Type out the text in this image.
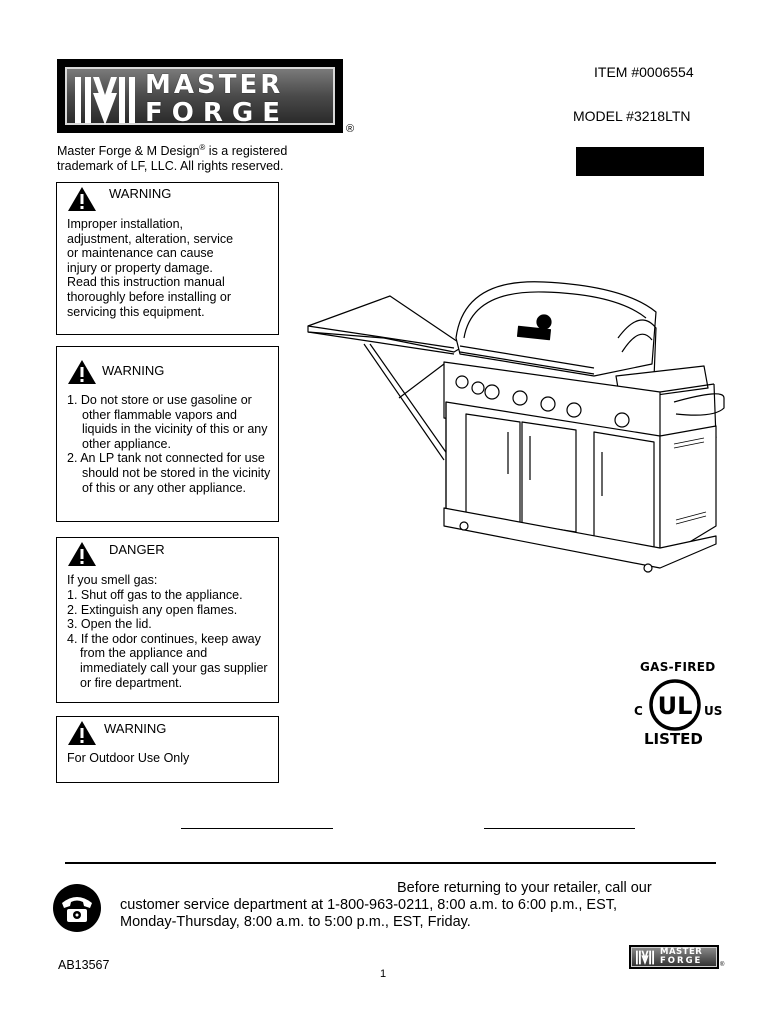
MASTER
FORGE
®
Master Forge & M Design® is a registered
trademark of LF, LLC. All rights reserved.
ITEM #0006554
MODEL #3218LTN
WARNING
Improper installation,
adjustment, alteration, service
or maintenance can cause
injury or property damage.
Read this instruction manual
thoroughly before installing or
servicing this equipment.
WARNING
1. Do not store or use gasoline or other flammable vapors and liquids in the vicinity of this or any other appliance.
2. An LP tank not connected for use should not be stored in the vicinity of this or any other appliance.
DANGER
If you smell gas:
1. Shut off gas to the appliance.
2. Extinguish any open flames.
3. Open the lid.
4. If the odor continues, keep away from the appliance and immediately call your gas supplier or fire department.
WARNING
For Outdoor Use Only
GAS-FIRED
C UL US
LISTED
Before returning to your retailer, call our
customer service department at 1-800-963-0211, 8:00 a.m. to 6:00 p.m., EST,
Monday-Thursday, 8:00 a.m. to 5:00 p.m., EST, Friday.
AB13567
1
MASTER
FORGE	®
